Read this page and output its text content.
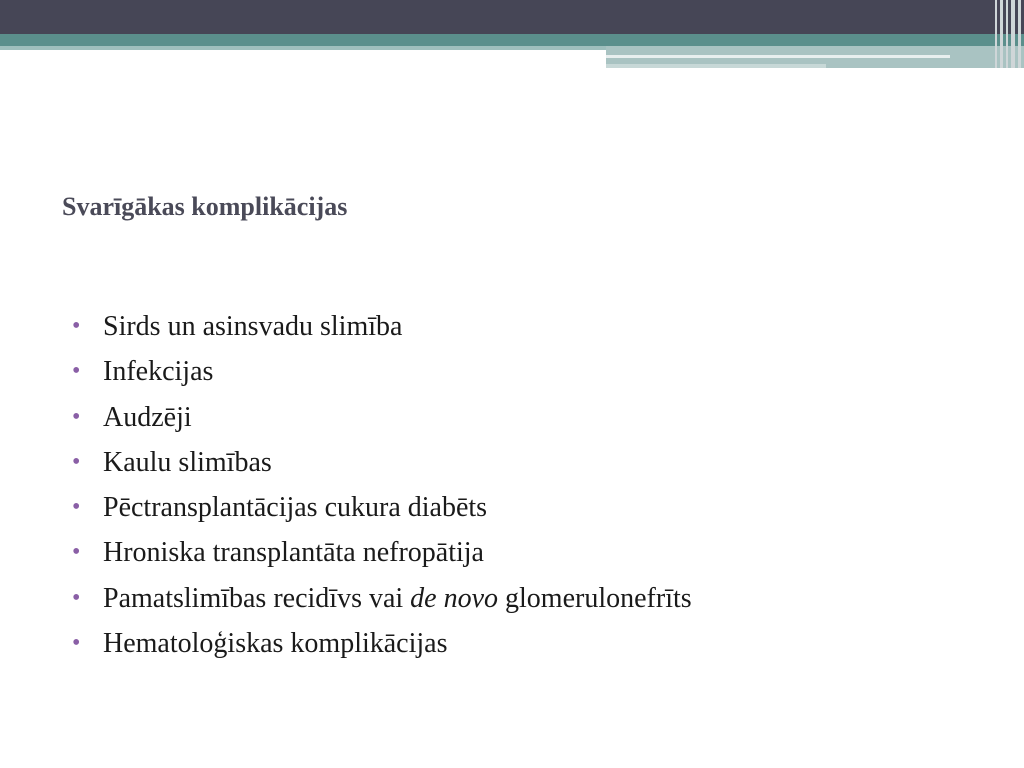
Svarīgākas komplikācijas
• Sirds un asinsvadu slimība
• Infekcijas
• Audzēji
• Kaulu slimības
• Pēctransplantācijas cukura diabēts
• Hroniska transplantāta nefropātija
• Pamatslimības recidīvs vai de novo glomerulonefrīts
• Hematoloģiskas komplikācijas
